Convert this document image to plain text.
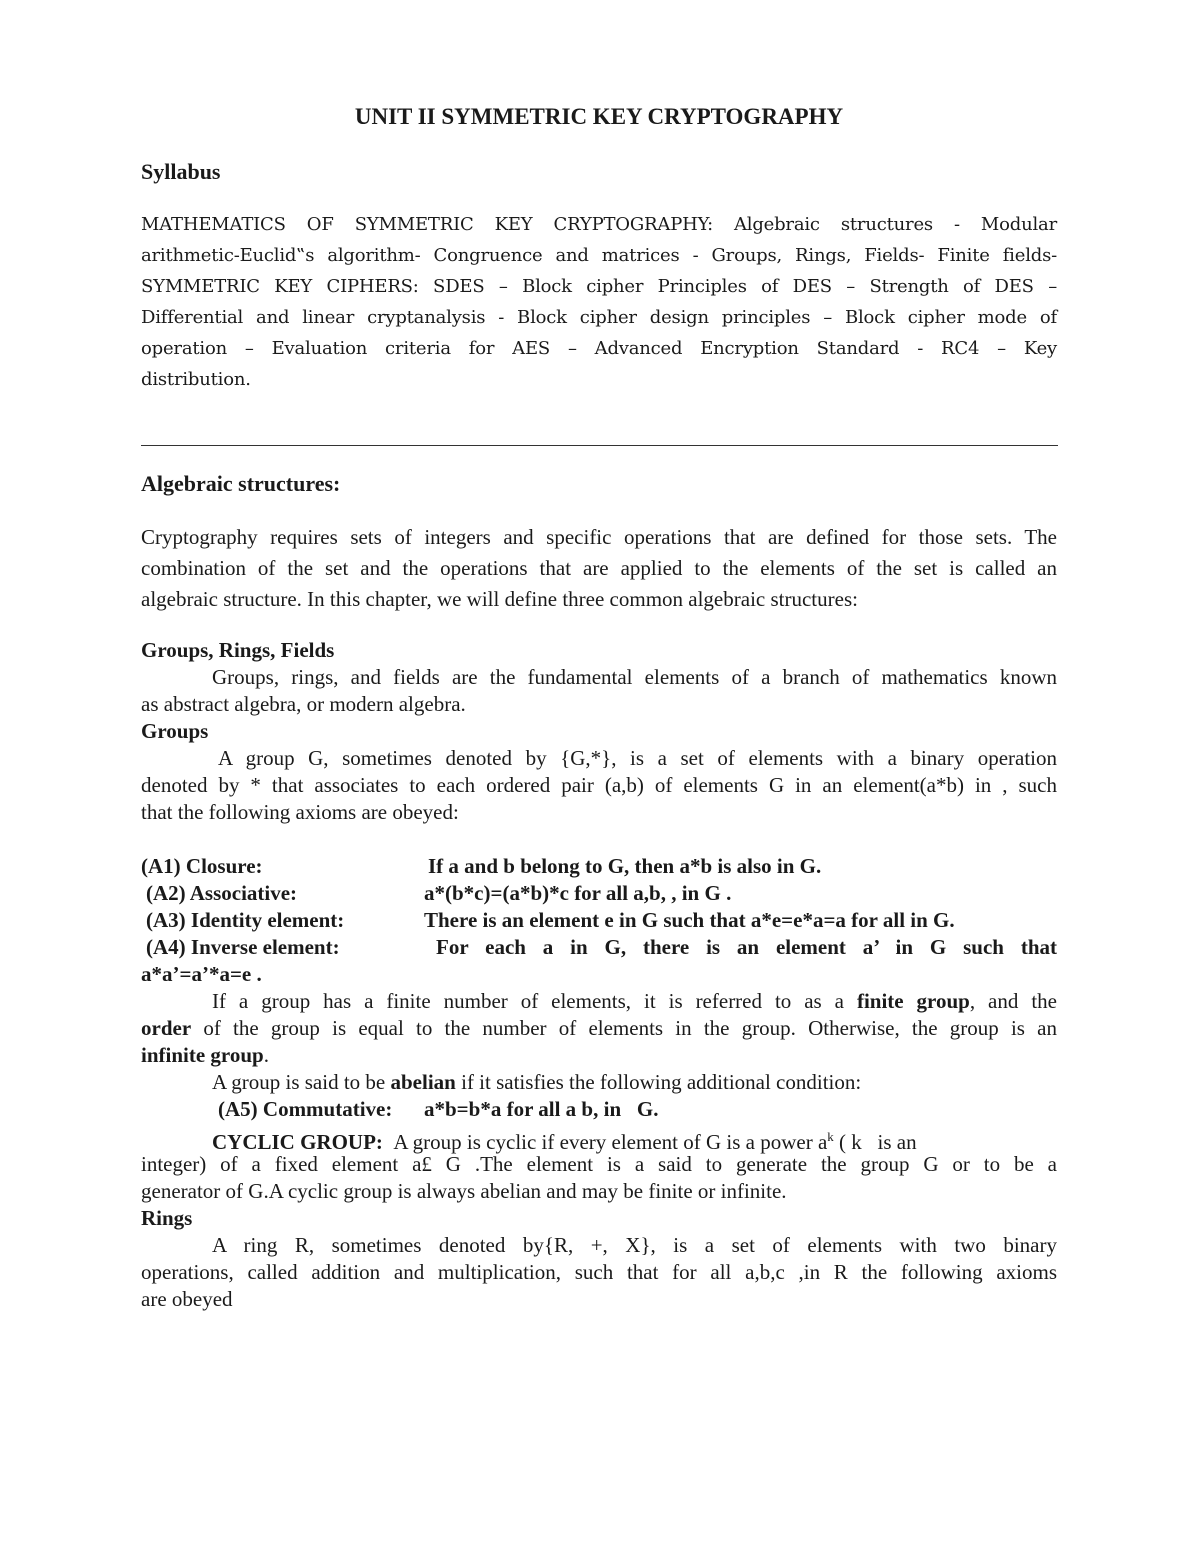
UNIT II SYMMETRIC KEY CRYPTOGRAPHY
Syllabus
MATHEMATICS OF SYMMETRIC KEY CRYPTOGRAPHY: Algebraic structures - Modular
arithmetic-Euclid‟s algorithm- Congruence and matrices - Groups, Rings, Fields- Finite fields-
SYMMETRIC KEY CIPHERS: SDES – Block cipher Principles of DES – Strength of DES –
Differential and linear cryptanalysis - Block cipher design principles – Block cipher mode of
operation – Evaluation criteria for AES – Advanced Encryption Standard - RC4 – Key
distribution.
Algebraic structures:
Cryptography requires sets of integers and specific operations that are defined for those sets. The
combination of the set and the operations that are applied to the elements of the set is called an
algebraic structure. In this chapter, we will define three common algebraic structures:
Groups, Rings, Fields
Groups, rings, and fields are the fundamental elements of a branch of mathematics known
as abstract algebra, or modern algebra.
Groups
A group G, sometimes denoted by {G,*}, is a set of elements with a binary operation
denoted by * that associates to each ordered pair (a,b) of elements G in an element(a*b) in , such
that the following axioms are obeyed:
(A1) Closure:	If a and b belong to G, then a*b is also in G.
(A2) Associative:	a*(b*c)=(a*b)*c for all a,b, , in G .
(A3) Identity element:	There is an element e in G such that a*e=e*a=a for all in G.
(A4) Inverse element:	For each a in G, there is an element a’ in G such that
a*a’=a’*a=e .
If a group has a finite number of elements, it is referred to as a finite group, and the
order of the group is equal to the number of elements in the group. Otherwise, the group is an
infinite group.
A group is said to be abelian if it satisfies the following additional condition:
(A5) Commutative: a*b=b*a for all a b, in   G.
CYCLIC GROUP: A group is cyclic if every element of G is a power $a^k$ ( k   is an
integer) of a fixed element a£ G .The element is a said to generate the group G or to be a
generator of G.A cyclic group is always abelian and may be finite or infinite.
Rings
A ring R, sometimes denoted by{R, +, X}, is a set of elements with two binary
operations, called addition and multiplication, such that for all a,b,c ,in R the following axioms
are obeyed
